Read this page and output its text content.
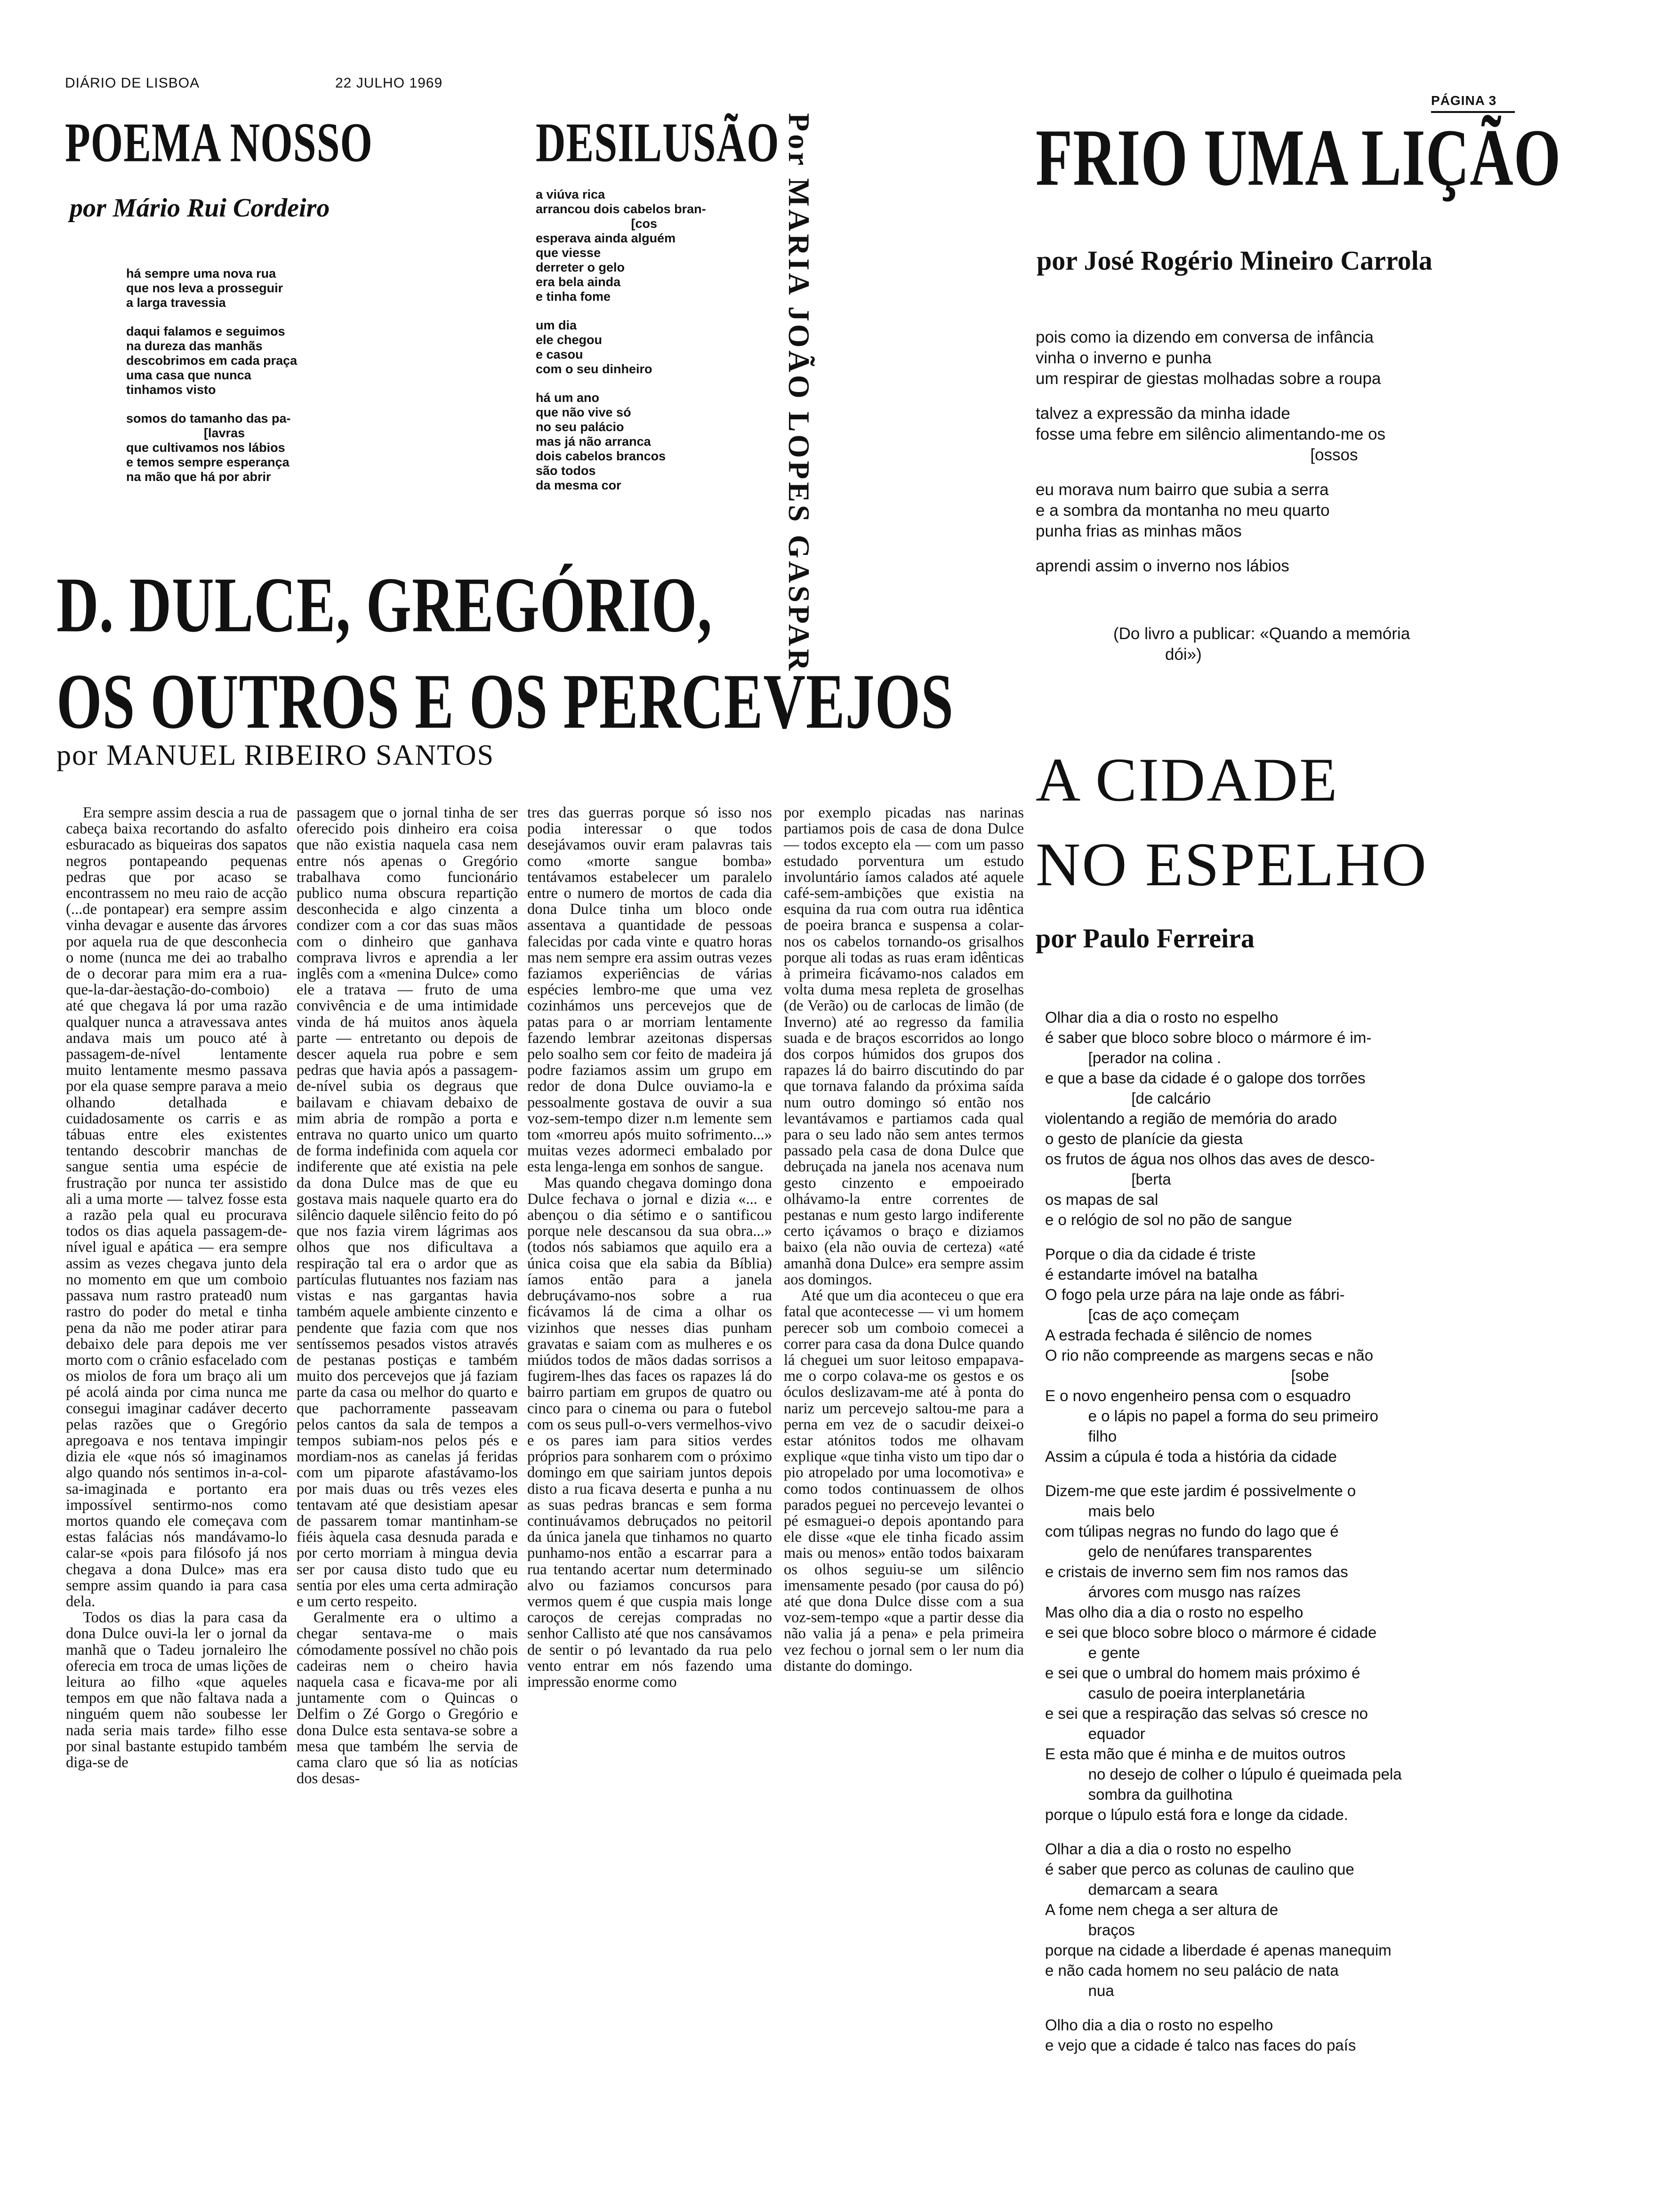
DIÁRIO DE LISBOA	22 JULHO 1969
PÁGINA 3
POEMA NOSSO
por Mário Rui Cordeiro

há sempre uma nova rua
que nos leva a prosseguir
a larga travessia

daqui falamos e seguimos
na dureza das manhãs
descobrimos em cada praça
uma casa que nunca
tinhamos visto

somos do tamanho das pa-
[lavras
que cultivamos nos lábios
e temos sempre esperança
na mão que há por abrir

DESILUSÃO

a viúva rica
arrancou dois cabelos bran-
[cos
esperava ainda alguém
que viesse
derreter o gelo
era bela ainda
e tinha fome

um dia
ele chegou
e casou
com o seu dinheiro

há um ano
que não vive só
no seu palácio
mas já não arranca
dois cabelos brancos
são todos
da mesma cor	Por MARIA JOÃO LOPES GASPAR	FRIO UMA LIÇÃO
por José Rogério Mineiro Carrola

pois como ia dizendo em conversa de infância
vinha o inverno e punha
um respirar de giestas molhadas sobre a roupa

talvez a expressão da minha idade
fosse uma febre em silêncio alimentando-me os
[ossos

eu morava num bairro que subia a serra
e a sombra da montanha no meu quarto
punha frias as minhas mãos

aprendi assim o inverno nos lábios

(Do livro a publicar: «Quando a memória
dói»)
D. DULCE, GREGÓRIO,
OS OUTROS E OS PERCEVEJOS
por MANUEL RIBEIRO SANTOS

Era sempre assim descia a rua de cabeça baixa recortando do asfalto esburacado as biqueiras dos sapatos negros pontapeando pequenas pedras que por acaso se encontrassem no meu raio de acção (...de pontapear) era sempre assim vinha devagar e ausente das árvores por aquela rua de que desconhecia o nome (nunca me dei ao trabalho de o decorar para mim era a rua-que-la-dar-àestação-do-comboio) até que chegava lá por uma razão qualquer nunca a atravessava antes andava mais um pouco até à passagem-de-nível lentamente muito lentamente mesmo passava por ela quase sempre parava a meio olhando detalhada e cuidadosamente os carris e as tábuas entre eles existentes tentando descobrir manchas de sangue sentia uma espécie de frustração por nunca ter assistido ali a uma morte — talvez fosse esta a razão pela qual eu procurava todos os dias aquela passagem-de-nível igual e apática — era sempre assim as vezes chegava junto dela no momento em que um comboio passava num rastro pratead0 num rastro do poder do metal e tinha pena da não me poder atirar para debaixo dele para depois me ver morto com o crânio esfacelado com os miolos de fora um braço ali um pé acolá ainda por cima nunca me consegui imaginar cadáver decerto pelas razões que o Gregório apregoava e nos tentava impingir dizia ele «que nós só imaginamos algo quando nós sentimos in-a-col-sa-imaginada e portanto era impossível sentirmo-nos como mortos quando ele começava com estas falácias nós mandávamo-lo calar-se «pois para filósofo já nos chegava a dona Dulce» mas era sempre assim quando ia para casa dela.

Todos os dias la para casa da dona Dulce ouvi-la ler o jornal da manhã que o Tadeu jornaleiro lhe oferecia em troca de umas lições de leitura ao filho «que aqueles tempos em que não faltava nada a ninguém quem não soubesse ler nada seria mais tarde» filho esse por sinal bastante estupido também diga-se de

passagem que o jornal tinha de ser oferecido pois dinheiro era coisa que não existia naquela casa nem entre nós apenas o Gregório trabalhava como funcionário publico numa obscura repartição desconhecida e algo cinzenta a condizer com a cor das suas mãos com o dinheiro que ganhava comprava livros e aprendia a ler inglês com a «menina Dulce» como ele a tratava — fruto de uma convivência e de uma intimidade vinda de há muitos anos àquela parte — entretanto ou depois de descer aquela rua pobre e sem pedras que havia após a passagem-de-nível subia os degraus que bailavam e chiavam debaixo de mim abria de rompão a porta e entrava no quarto unico um quarto de forma indefinida com aquela cor indiferente que até existia na pele da dona Dulce mas de que eu gostava mais naquele quarto era do silêncio daquele silêncio feito do pó que nos fazia virem lágrimas aos olhos que nos dificultava a respiração tal era o ardor que as partículas flutuantes nos faziam nas vistas e nas gargantas havia também aquele ambiente cinzento e pendente que fazia com que nos sentíssemos pesados vistos através de pestanas postiças e também muito dos percevejos que já faziam parte da casa ou melhor do quarto e que pachorramente passeavam pelos cantos da sala de tempos a tempos subiam-nos pelos pés e mordiam-nos as canelas já feridas com um piparote afastávamo-los por mais duas ou três vezes eles tentavam até que desistiam apesar de passarem tomar mantinham-se fiéis àquela casa desnuda parada e por certo morriam à mingua devia ser por causa disto tudo que eu sentia por eles uma certa admiração e um certo respeito.

Geralmente era o ultimo a chegar sentava-me o mais cómodamente possível no chão pois cadeiras nem o cheiro havia naquela casa e ficava-me por ali juntamente com o Quincas o Delfim o Zé Gorgo o Gregório e dona Dulce esta sentava-se sobre a mesa que também lhe servia de cama claro que só lia as notícias dos desas-

tres das guerras porque só isso nos podia interessar o que todos desejávamos ouvir eram palavras tais como «morte sangue bomba» tentávamos estabelecer um paralelo entre o numero de mortos de cada dia dona Dulce tinha um bloco onde assentava a quantidade de pessoas falecidas por cada vinte e quatro horas mas nem sempre era assim outras vezes faziamos experiências de várias espécies lembro-me que uma vez cozinhámos uns percevejos que de patas para o ar morriam lentamente fazendo lembrar azeitonas dispersas pelo soalho sem cor feito de madeira já podre faziamos assim um grupo em redor de dona Dulce ouviamo-la e pessoalmente gostava de ouvir a sua voz-sem-tempo dizer n.m lemente sem tom «morreu após muito sofrimento...» muitas vezes adormeci embalado por esta lenga-lenga em sonhos de sangue.

Mas quando chegava domingo dona Dulce fechava o jornal e dizia «... e abençou o dia sétimo e o santificou porque nele descansou da sua obra...» (todos nós sabiamos que aquilo era a única coisa que ela sabia da Bíblia) íamos então para a janela debruçávamo-nos sobre a rua ficávamos lá de cima a olhar os vizinhos que nesses dias punham gravatas e saiam com as mulheres e os miúdos todos de mãos dadas sorrisos a fugirem-lhes das faces os rapazes lá do bairro partiam em grupos de quatro ou cinco para o cinema ou para o futebol com os seus pull-o-vers vermelhos-vivo e os pares iam para sitios verdes próprios para sonharem com o próximo domingo em que sairiam juntos depois disto a rua ficava deserta e punha a nu as suas pedras brancas e sem forma continuávamos debruçados no peitoril da única janela que tinhamos no quarto punhamo-nos então a escarrar para a rua tentando acertar num determinado alvo ou faziamos concursos para vermos quem é que cuspia mais longe caroços de cerejas compradas no senhor Callisto até que nos cansávamos de sentir o pó levantado da rua pelo vento entrar em nós fazendo uma impressão enorme como

por exemplo picadas nas narinas partiamos pois de casa de dona Dulce — todos excepto ela — com um passo estudado porventura um estudo involuntário íamos calados até aquele café-sem-ambições que existia na esquina da rua com outra rua idêntica de poeira branca e suspensa a colar-nos os cabelos tornando-os grisalhos porque ali todas as ruas eram idênticas à primeira ficávamo-nos calados em volta duma mesa repleta de groselhas (de Verão) ou de carlocas de limão (de Inverno) até ao regresso da familia suada e de braços escorridos ao longo dos corpos húmidos dos grupos dos rapazes lá do bairro discutindo do par que tornava falando da próxima saída num outro domingo só então nos levantávamos e partiamos cada qual para o seu lado não sem antes termos passado pela casa de dona Dulce que debruçada na janela nos acenava num gesto cinzento e empoeirado olhávamo-la entre correntes de pestanas e num gesto largo indiferente certo içávamos o braço e diziamos baixo (ela não ouvia de certeza) «até amanhã dona Dulce» era sempre assim aos domingos.

Até que um dia aconteceu o que era fatal que acontecesse — vi um homem perecer sob um comboio comecei a correr para casa da dona Dulce quando lá cheguei um suor leitoso empapava-me o corpo colava-me os gestos e os óculos deslizavam-me até à ponta do nariz um percevejo saltou-me para a perna em vez de o sacudir deixei-o estar atónitos todos me olhavam explique «que tinha visto um tipo dar o pio atropelado por uma locomotiva» e como todos continuassem de olhos parados peguei no percevejo levantei o pé esmaguei-o depois apontando para ele disse «que ele tinha ficado assim mais ou menos» então todos baixaram os olhos seguiu-se um silêncio imensamente pesado (por causa do pó) até que dona Dulce disse com a sua voz-sem-tempo «que a partir desse dia não valia já a pena» e pela primeira vez fechou o jornal sem o ler num dia distante do domingo.

A CIDADE
NO ESPELHO
por Paulo Ferreira

Olhar dia a dia o rosto no espelho
é saber que bloco sobre bloco o mármore é im-
[perador na colina .
e que a base da cidade é o galope dos torrões
[de calcário
violentando a região de memória do arado
o gesto de planície da giesta
os frutos de água nos olhos das aves de desco-
[berta
os mapas de sal
e o relógio de sol no pão de sangue

Porque o dia da cidade é triste
é estandarte imóvel na batalha
O fogo pela urze pára na laje onde as fábri-
[cas de aço começam
A estrada fechada é silêncio de nomes
O rio não compreende as margens secas e não
[sobe
E o novo engenheiro pensa com o esquadro
e o lápis no papel a forma do seu primeiro
filho
Assim a cúpula é toda a história da cidade

Dizem-me que este jardim é possivelmente o
mais belo
com túlipas negras no fundo do lago que é
gelo de nenúfares transparentes
e cristais de inverno sem fim nos ramos das
árvores com musgo nas raízes
Mas olho dia a dia o rosto no espelho
e sei que bloco sobre bloco o mármore é cidade
e gente
e sei que o umbral do homem mais próximo é
casulo de poeira interplanetária
e sei que a respiração das selvas só cresce no
equador
E esta mão que é minha e de muitos outros
no desejo de colher o lúpulo é queimada pela
sombra da guilhotina
porque o lúpulo está fora e longe da cidade.

Olhar a dia a dia o rosto no espelho
é saber que perco as colunas de caulino que
demarcam a seara
A fome nem chega a ser altura de
braços
porque na cidade a liberdade é apenas manequim
e não cada homem no seu palácio de nata
nua

Olho dia a dia o rosto no espelho
e vejo que a cidade é talco nas faces do país
